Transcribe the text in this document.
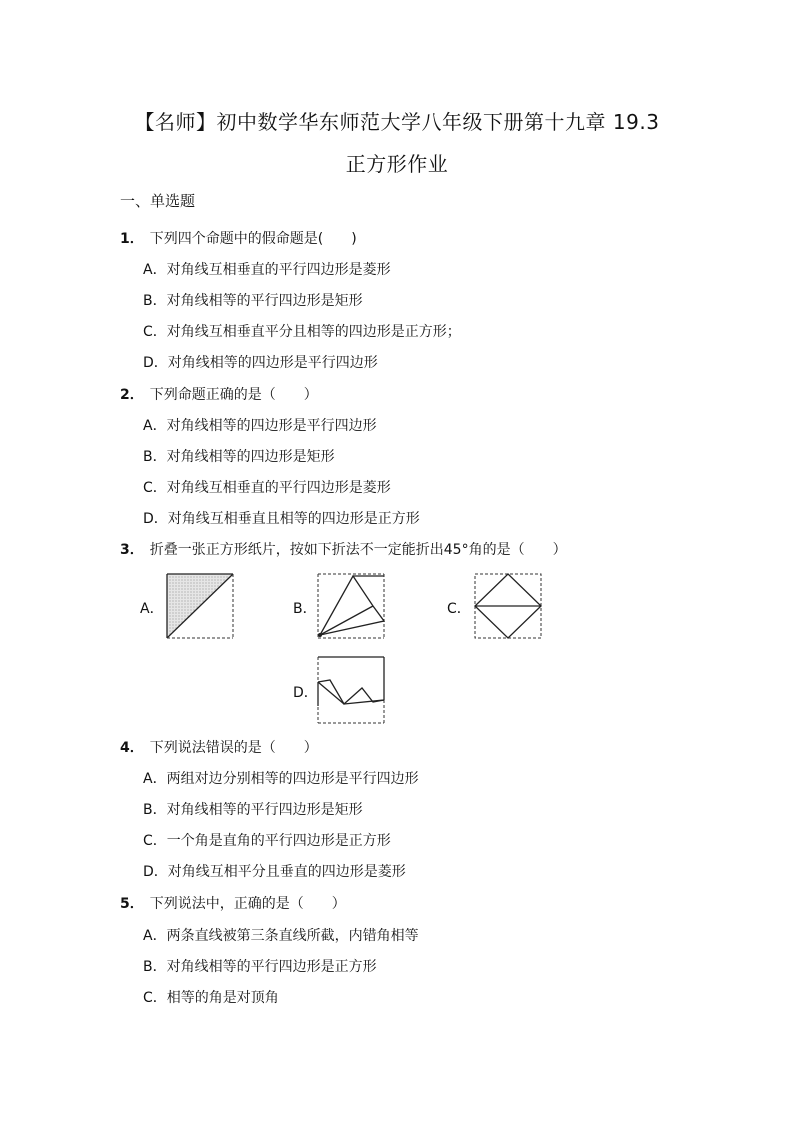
【名师】初中数学华东师范大学八年级下册第十九章 19.3
正方形作业
一、单选题
1． 下列四个命题中的假命题是(　　)
A．对角线互相垂直的平行四边形是菱形
B．对角线相等的平行四边形是矩形
C．对角线互相垂直平分且相等的四边形是正方形；
D．对角线相等的四边形是平行四边形
2． 下列命题正确的是（　　）
A．对角线相等的四边形是平行四边形
B．对角线相等的四边形是矩形
C．对角线互相垂直的平行四边形是菱形
D．对角线互相垂直且相等的四边形是正方形
3． 折叠一张正方形纸片，按如下折法不一定能折出45°角的是（　　）
A．	B．	C．
D．
4． 下列说法错误的是（　　）
A．两组对边分别相等的四边形是平行四边形
B．对角线相等的平行四边形是矩形
C．一个角是直角的平行四边形是正方形
D．对角线互相平分且垂直的四边形是菱形
5． 下列说法中，正确的是（　　）
A．两条直线被第三条直线所截，内错角相等
B．对角线相等的平行四边形是正方形
C．相等的角是对顶角
